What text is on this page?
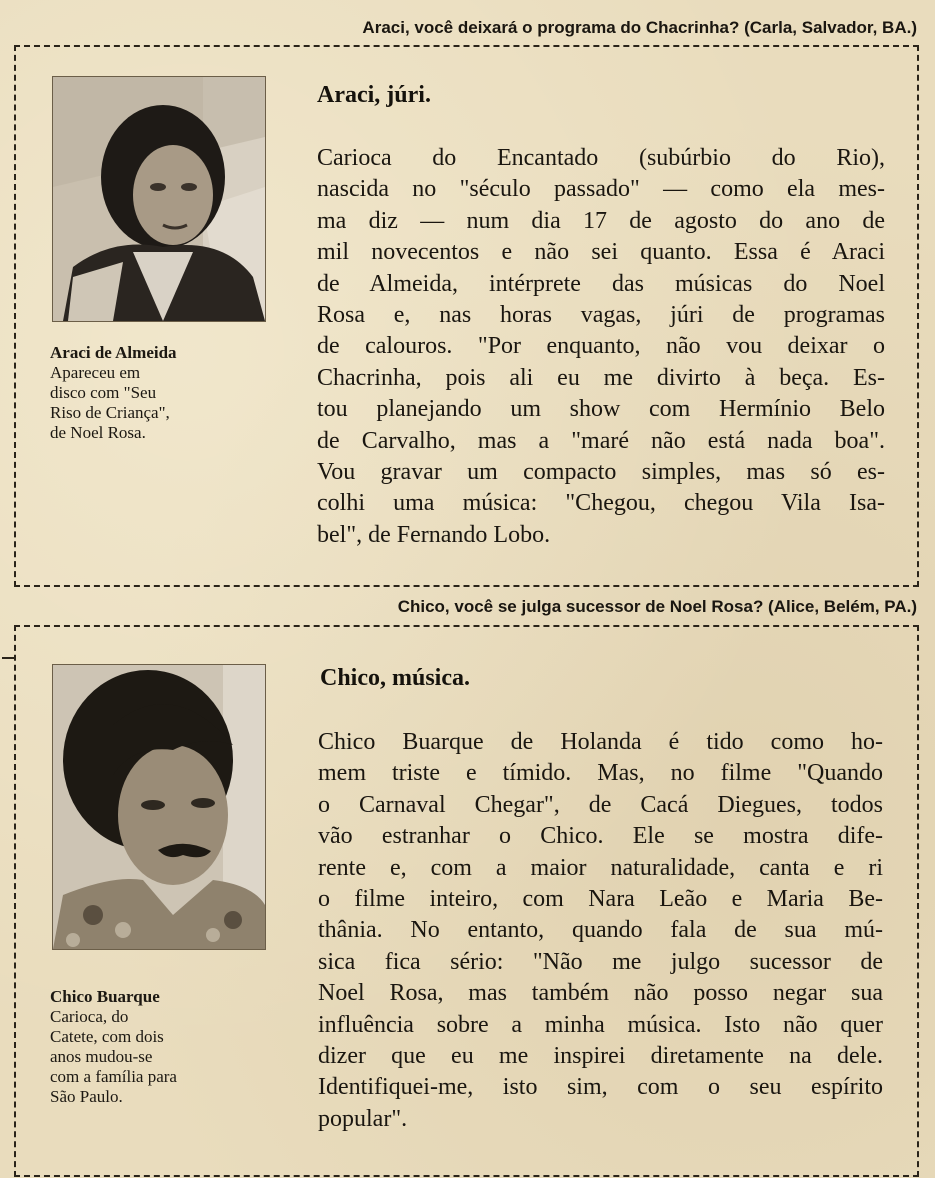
Araci, você deixará o programa do Chacrinha? (Carla, Salvador, BA.)
Araci de Almeida
Apareceu em
disco com "Seu
Riso de Criança",
de Noel Rosa.
Araci, júri.
Carioca do Encantado (subúrbio do Rio),
nascida no "século passado" — como ela mes-
ma diz — num dia 17 de agosto do ano de
mil novecentos e não sei quanto. Essa é Araci
de Almeida, intérprete das músicas do Noel
Rosa e, nas horas vagas, júri de programas
de calouros. "Por enquanto, não vou deixar o
Chacrinha, pois ali eu me divirto à beça. Es-
tou planejando um show com Hermínio Belo
de Carvalho, mas a "maré não está nada boa".
Vou gravar um compacto simples, mas só es-
colhi uma música: "Chegou, chegou Vila Isa-
bel", de Fernando Lobo.
Chico, você se julga sucessor de Noel Rosa? (Alice, Belém, PA.)
Chico Buarque
Carioca, do
Catete, com dois
anos mudou-se
com a família para
São Paulo.
Chico, música.
Chico Buarque de Holanda é tido como ho-
mem triste e tímido. Mas, no filme "Quando
o Carnaval Chegar", de Cacá Diegues, todos
vão estranhar o Chico. Ele se mostra dife-
rente e, com a maior naturalidade, canta e ri
o filme inteiro, com Nara Leão e Maria Be-
thânia. No entanto, quando fala de sua mú-
sica fica sério: "Não me julgo sucessor de
Noel Rosa, mas também não posso negar sua
influência sobre a minha música. Isto não quer
dizer que eu me inspirei diretamente na dele.
Identifiquei-me, isto sim, com o seu espírito
popular".
